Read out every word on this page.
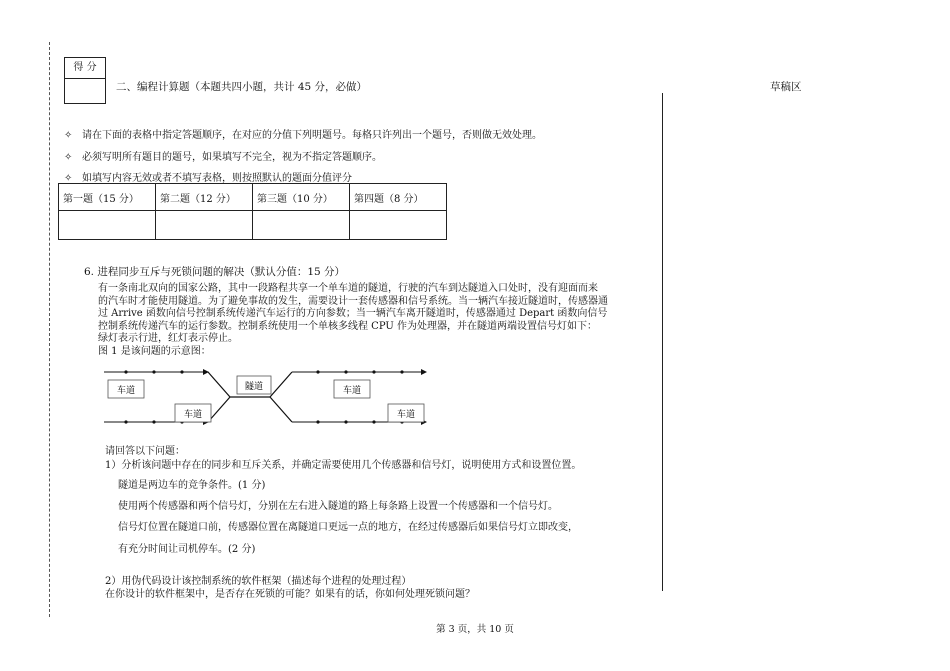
得 分
二、编程计算题（本题共四小题，共计 45 分，必做）	草稿区
✧ 请在下面的表格中指定答题顺序，在对应的分值下列明题号。每格只许列出一个题号，否则做无效处理。
✧ 必须写明所有题目的题号，如果填写不完全，视为不指定答题顺序。
✧ 如填写内容无效或者不填写表格，则按照默认的题面分值评分
第一题（15 分）	第二题（12 分）	第三题（10 分）	第四题（8 分）

6. 进程同步互斥与死锁问题的解决（默认分值：15 分）
有一条南北双向的国家公路，其中一段路程共享一个单车道的隧道，行驶的汽车到达隧道入口处时，没有迎面而来
的汽车时才能使用隧道。为了避免事故的发生，需要设计一套传感器和信号系统。当一辆汽车接近隧道时，传感器通
过 Arrive 函数向信号控制系统传递汽车运行的方向参数；当一辆汽车离开隧道时，传感器通过 Depart 函数向信号
控制系统传递汽车的运行参数。控制系统使用一个单核多线程 CPU 作为处理器，并在隧道两端设置信号灯如下：
绿灯表示行进，红灯表示停止。
图 1 是该问题的示意图：
车道	隧道	车道
车道	车道
请回答以下问题：
1）分析该问题中存在的同步和互斥关系，并确定需要使用几个传感器和信号灯，说明使用方式和设置位置。
隧道是两边车的竞争条件。(1 分)
使用两个传感器和两个信号灯，分别在左右进入隧道的路上每条路上设置一个传感器和一个信号灯。
信号灯位置在隧道口前，传感器位置在离隧道口更远一点的地方，在经过传感器后如果信号灯立即改变，
有充分时间让司机停车。(2 分)
2）用伪代码设计该控制系统的软件框架（描述每个进程的处理过程）
在你设计的软件框架中，是否存在死锁的可能？如果有的话，你如何处理死锁问题？
第 3 页，共 10 页
